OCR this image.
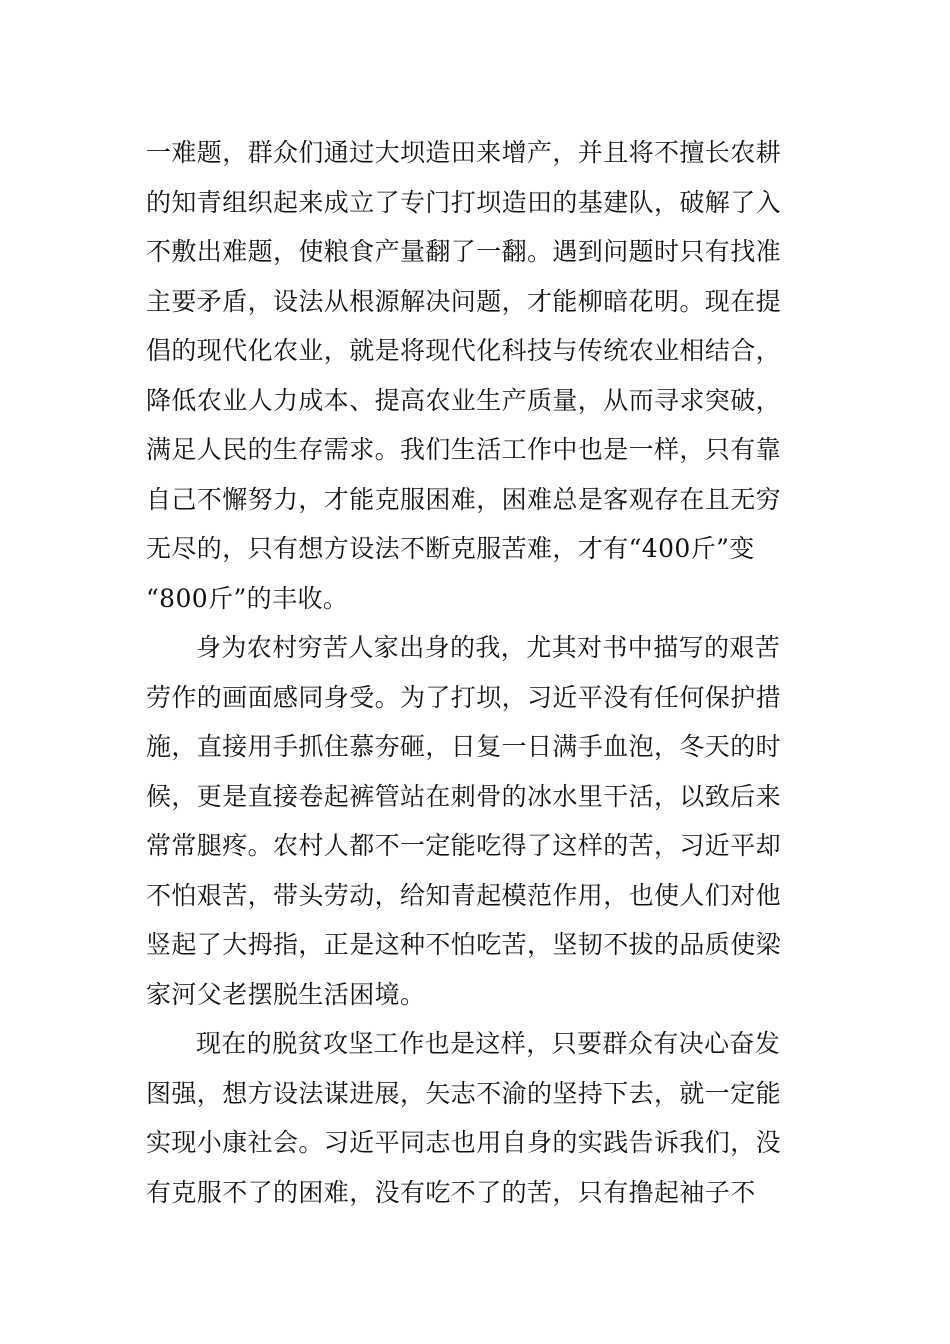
一难题，群众们通过大坝造田来增产，并且将不擅长农耕
的知青组织起来成立了专门打坝造田的基建队，破解了入
不敷出难题，使粮食产量翻了一翻。遇到问题时只有找准
主要矛盾，设法从根源解决问题，才能柳暗花明。现在提
倡的现代化农业，就是将现代化科技与传统农业相结合，
降低农业人力成本、提高农业生产质量，从而寻求突破，
满足人民的生存需求。我们生活工作中也是一样，只有靠
自己不懈努力，才能克服困难，困难总是客观存在且无穷
无尽的，只有想方设法不断克服苦难，才有“400斤”变
“800斤”的丰收。
身为农村穷苦人家出身的我，尤其对书中描写的艰苦
劳作的画面感同身受。为了打坝，习近平没有任何保护措
施，直接用手抓住慕夯砸，日复一日满手血泡，冬天的时
候，更是直接卷起裤管站在刺骨的冰水里干活，以致后来
常常腿疼。农村人都不一定能吃得了这样的苦，习近平却
不怕艰苦，带头劳动，给知青起模范作用，也使人们对他
竖起了大拇指，正是这种不怕吃苦，坚韧不拔的品质使梁
家河父老摆脱生活困境。
现在的脱贫攻坚工作也是这样，只要群众有决心奋发
图强，想方设法谋进展，矢志不渝的坚持下去，就一定能
实现小康社会。习近平同志也用自身的实践告诉我们，没
有克服不了的困难，没有吃不了的苦，只有撸起袖子不
